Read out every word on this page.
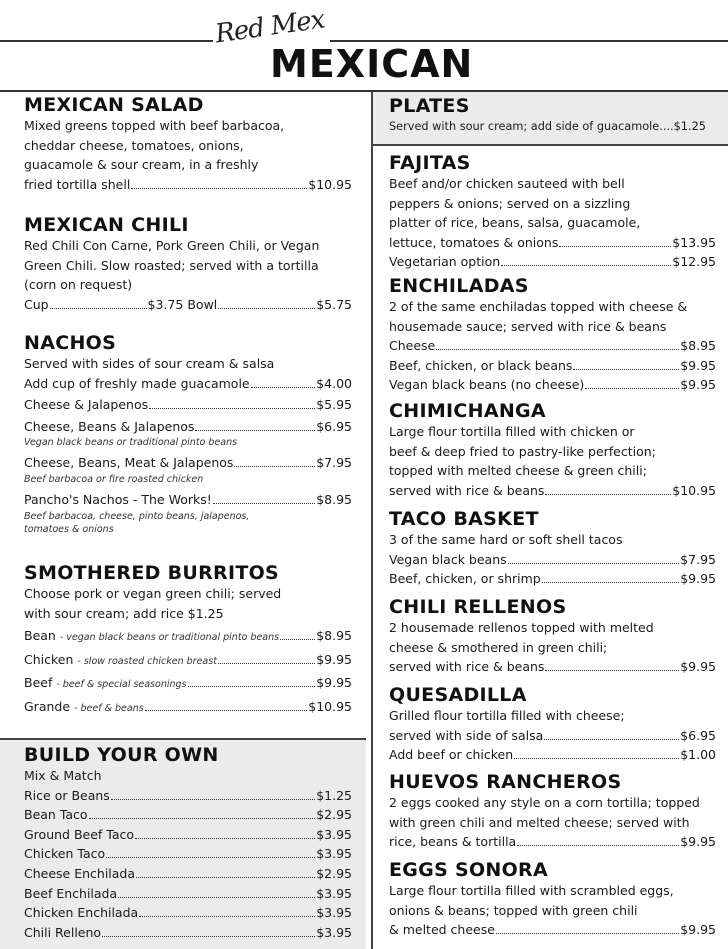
Red Mex
MEXICAN
MEXICAN SALAD
Mixed greens topped with beef barbacoa,
cheddar cheese, tomatoes, onions,
guacamole & sour cream, in a freshly
fried tortilla shell	$10.95
MEXICAN CHILI
Red Chili Con Carne, Pork Green Chili, or Vegan
Green Chili. Slow roasted; served with a tortilla
(corn on request)
Cup	$3.75 Bowl	$5.75
NACHOS
Served with sides of sour cream & salsa
Add cup of freshly made guacamole	$4.00
Cheese & Jalapenos	$5.95
Cheese, Beans & Jalapenos	$6.95
Vegan black beans or traditional pinto beans
Cheese, Beans, Meat & Jalapenos	$7.95
Beef barbacoa or fire roasted chicken
Pancho's Nachos - The Works!	$8.95
Beef barbacoa, cheese, pinto beans, jalapenos,
tomatoes & onions
SMOTHERED BURRITOS
Choose pork or vegan green chili; served
with sour cream; add rice $1.25
Bean - vegan black beans or traditional pinto beans	$8.95
Chicken - slow roasted chicken breast	$9.95
Beef - beef & special seasonings	$9.95
Grande - beef & beans	$10.95
BUILD YOUR OWN
Mix & Match
Rice or Beans	$1.25
Bean Taco	$2.95
Ground Beef Taco	$3.95
Chicken Taco	$3.95
Cheese Enchilada	$2.95
Beef Enchilada	$3.95
Chicken Enchilada	$3.95
Chili Relleno	$3.95
PLATES
Served with sour cream; add side of guacamole....$1.25
FAJITAS
Beef and/or chicken sauteed with bell
peppers & onions; served on a sizzling
platter of rice, beans, salsa, guacamole,
lettuce, tomatoes & onions	$13.95
Vegetarian option	$12.95
ENCHILADAS
2 of the same enchiladas topped with cheese &
housemade sauce; served with rice & beans
Cheese	$8.95
Beef, chicken, or black beans	$9.95
Vegan black beans (no cheese)	$9.95
CHIMICHANGA
Large flour tortilla filled with chicken or
beef & deep fried to pastry-like perfection;
topped with melted cheese & green chili;
served with rice & beans	$10.95
TACO BASKET
3 of the same hard or soft shell tacos
Vegan black beans	$7.95
Beef, chicken, or shrimp	$9.95
CHILI RELLENOS
2 housemade rellenos topped with melted
cheese & smothered in green chili;
served with rice & beans	$9.95
QUESADILLA
Grilled flour tortilla filled with cheese;
served with side of salsa	$6.95
Add beef or chicken	$1.00
HUEVOS RANCHEROS
2 eggs cooked any style on a corn tortilla; topped
with green chili and melted cheese; served with
rice, beans & tortilla	$9.95
EGGS SONORA
Large flour tortilla filled with scrambled eggs,
onions & beans; topped with green chili
& melted cheese	$9.95
